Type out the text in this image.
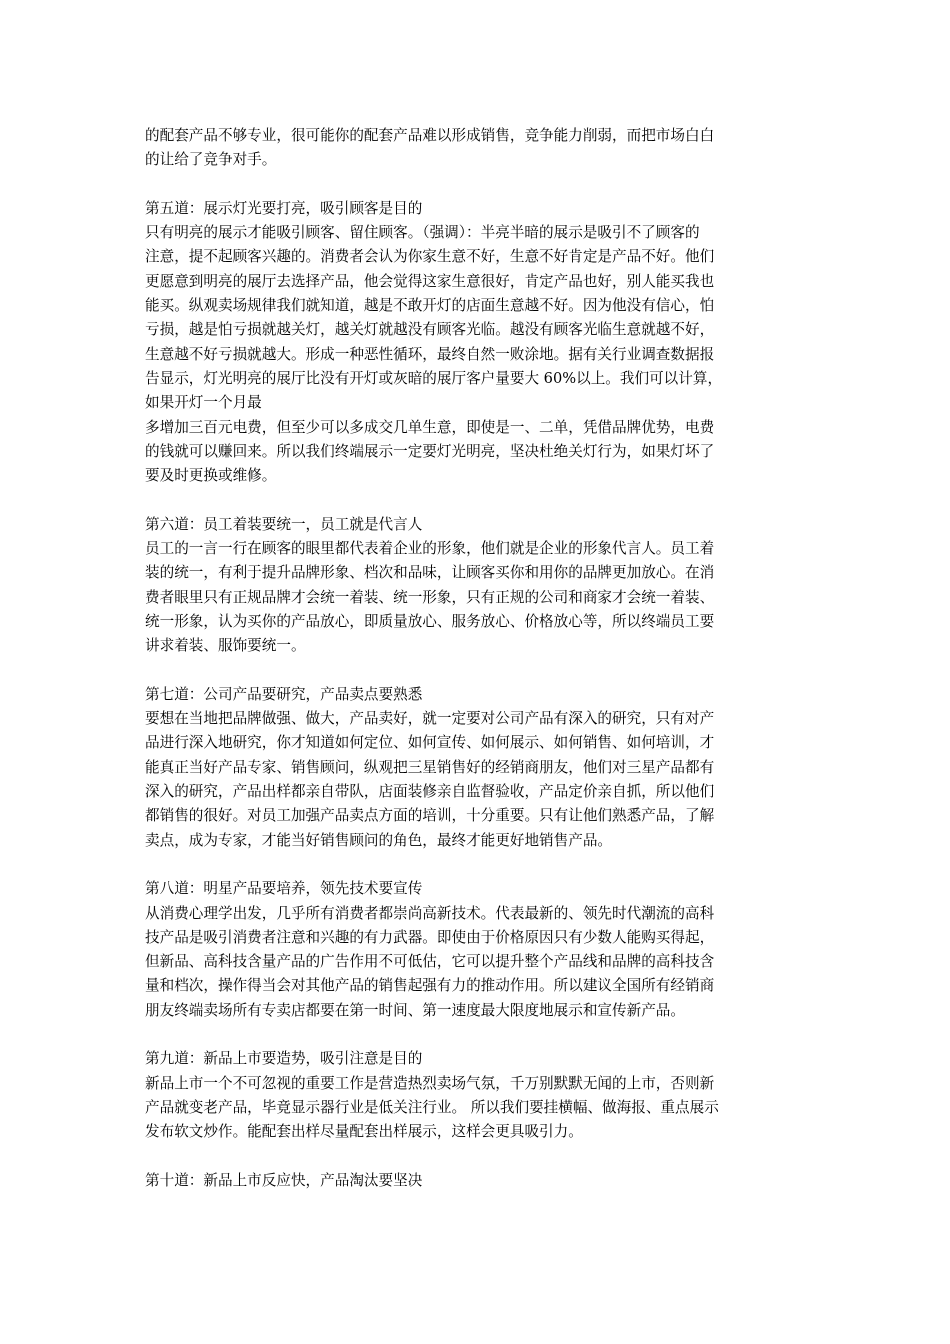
的配套产品不够专业，很可能你的配套产品难以形成销售，竞争能力削弱，而把市场白白
的让给了竞争对手。
第五道：展示灯光要打亮，吸引顾客是目的
只有明亮的展示才能吸引顾客、留住顾客。（强调）：半亮半暗的展示是吸引不了顾客的
注意，提不起顾客兴趣的。消费者会认为你家生意不好，生意不好肯定是产品不好。他们
更愿意到明亮的展厅去选择产品，他会觉得这家生意很好，肯定产品也好，别人能买我也
能买。纵观卖场规律我们就知道，越是不敢开灯的店面生意越不好。因为他没有信心，怕
亏损，越是怕亏损就越关灯，越关灯就越没有顾客光临。越没有顾客光临生意就越不好，
生意越不好亏损就越大。形成一种恶性循环，最终自然一败涂地。据有关行业调查数据报
告显示，灯光明亮的展厅比没有开灯或灰暗的展厅客户量要大 60%以上。我们可以计算，
如果开灯一个月最
多增加三百元电费，但至少可以多成交几单生意，即使是一、二单，凭借品牌优势，电费
的钱就可以赚回来。所以我们终端展示一定要灯光明亮，坚决杜绝关灯行为，如果灯坏了
要及时更换或维修。
第六道：员工着装要统一，员工就是代言人
员工的一言一行在顾客的眼里都代表着企业的形象，他们就是企业的形象代言人。员工着
装的统一，有利于提升品牌形象、档次和品味，让顾客买你和用你的品牌更加放心。在消
费者眼里只有正规品牌才会统一着装、统一形象，只有正规的公司和商家才会统一着装、
统一形象，认为买你的产品放心，即质量放心、服务放心、价格放心等，所以终端员工要
讲求着装、服饰要统一。
第七道：公司产品要研究，产品卖点要熟悉
要想在当地把品牌做强、做大，产品卖好，就一定要对公司产品有深入的研究，只有对产
品进行深入地研究，你才知道如何定位、如何宣传、如何展示、如何销售、如何培训，才
能真正当好产品专家、销售顾问，纵观把三星销售好的经销商朋友，他们对三星产品都有
深入的研究，产品出样都亲自带队，店面装修亲自监督验收，产品定价亲自抓，所以他们
都销售的很好。对员工加强产品卖点方面的培训，十分重要。只有让他们熟悉产品，了解
卖点，成为专家，才能当好销售顾问的角色，最终才能更好地销售产品。
第八道：明星产品要培养，领先技术要宣传
从消费心理学出发，几乎所有消费者都崇尚高新技术。代表最新的、领先时代潮流的高科
技产品是吸引消费者注意和兴趣的有力武器。即使由于价格原因只有少数人能购买得起，
但新品、高科技含量产品的广告作用不可低估，它可以提升整个产品线和品牌的高科技含
量和档次，操作得当会对其他产品的销售起强有力的推动作用。所以建议全国所有经销商
朋友终端卖场所有专卖店都要在第一时间、第一速度最大限度地展示和宣传新产品。
第九道：新品上市要造势，吸引注意是目的
新品上市一个不可忽视的重要工作是营造热烈卖场气氛，千万别默默无闻的上市，否则新
产品就变老产品，毕竟显示器行业是低关注行业。 所以我们要挂横幅、做海报、重点展示
发布软文炒作。能配套出样尽量配套出样展示，这样会更具吸引力。
第十道：新品上市反应快，产品淘汰要坚决
